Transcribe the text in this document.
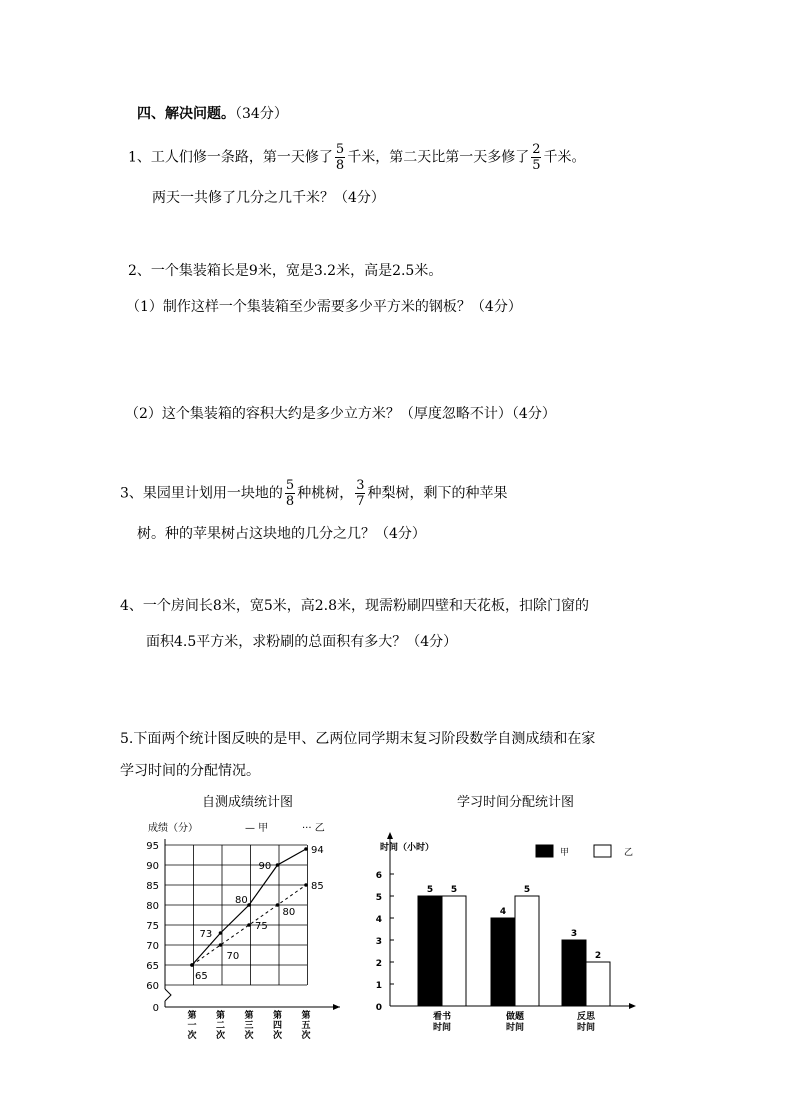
四、解决问题。（34分）
1、工人们修一条路，第一天修了 $\frac{5}{8}$ 千米，第二天比第一天多修了 $\frac{2}{5}$ 千米。
两天一共修了几分之几千米？（4分）
2、一个集装箱长是9米，宽是3.2米，高是2.5米。
（1）制作这样一个集装箱至少需要多少平方米的钢板？（4分）
（2）这个集装箱的容积大约是多少立方米？（厚度忽略不计）（4分）
3、果园里计划用一块地的 $\frac{5}{8}$ 种桃树， $\frac{3}{7}$ 种梨树，剩下的种苹果
树。种的苹果树占这块地的几分之几？（4分）
4、一个房间长8米，宽5米，高2.8米，现需粉刷四壁和天花板，扣除门窗的
面积4.5平方米，求粉刷的总面积有多大？（4分）
5.下面两个统计图反映的是甲、乙两位同学期末复习阶段数学自测成绩和在家
学习时间的分配情况。
自测成绩统计图	学习时间分配统计图
成绩（分）	— 甲	··· 乙
0
60
65
70
75
80
85
90
95
第
一
次
第
二
次
第
三
次
第
四
次
第
五
次
65
73
70
80
75
90
80
94
85
时间（小时）	甲	乙
0
1
2
3
4
5
6
5 5
看书
时间
4
5
做题
时间
3
2
反思
时间
